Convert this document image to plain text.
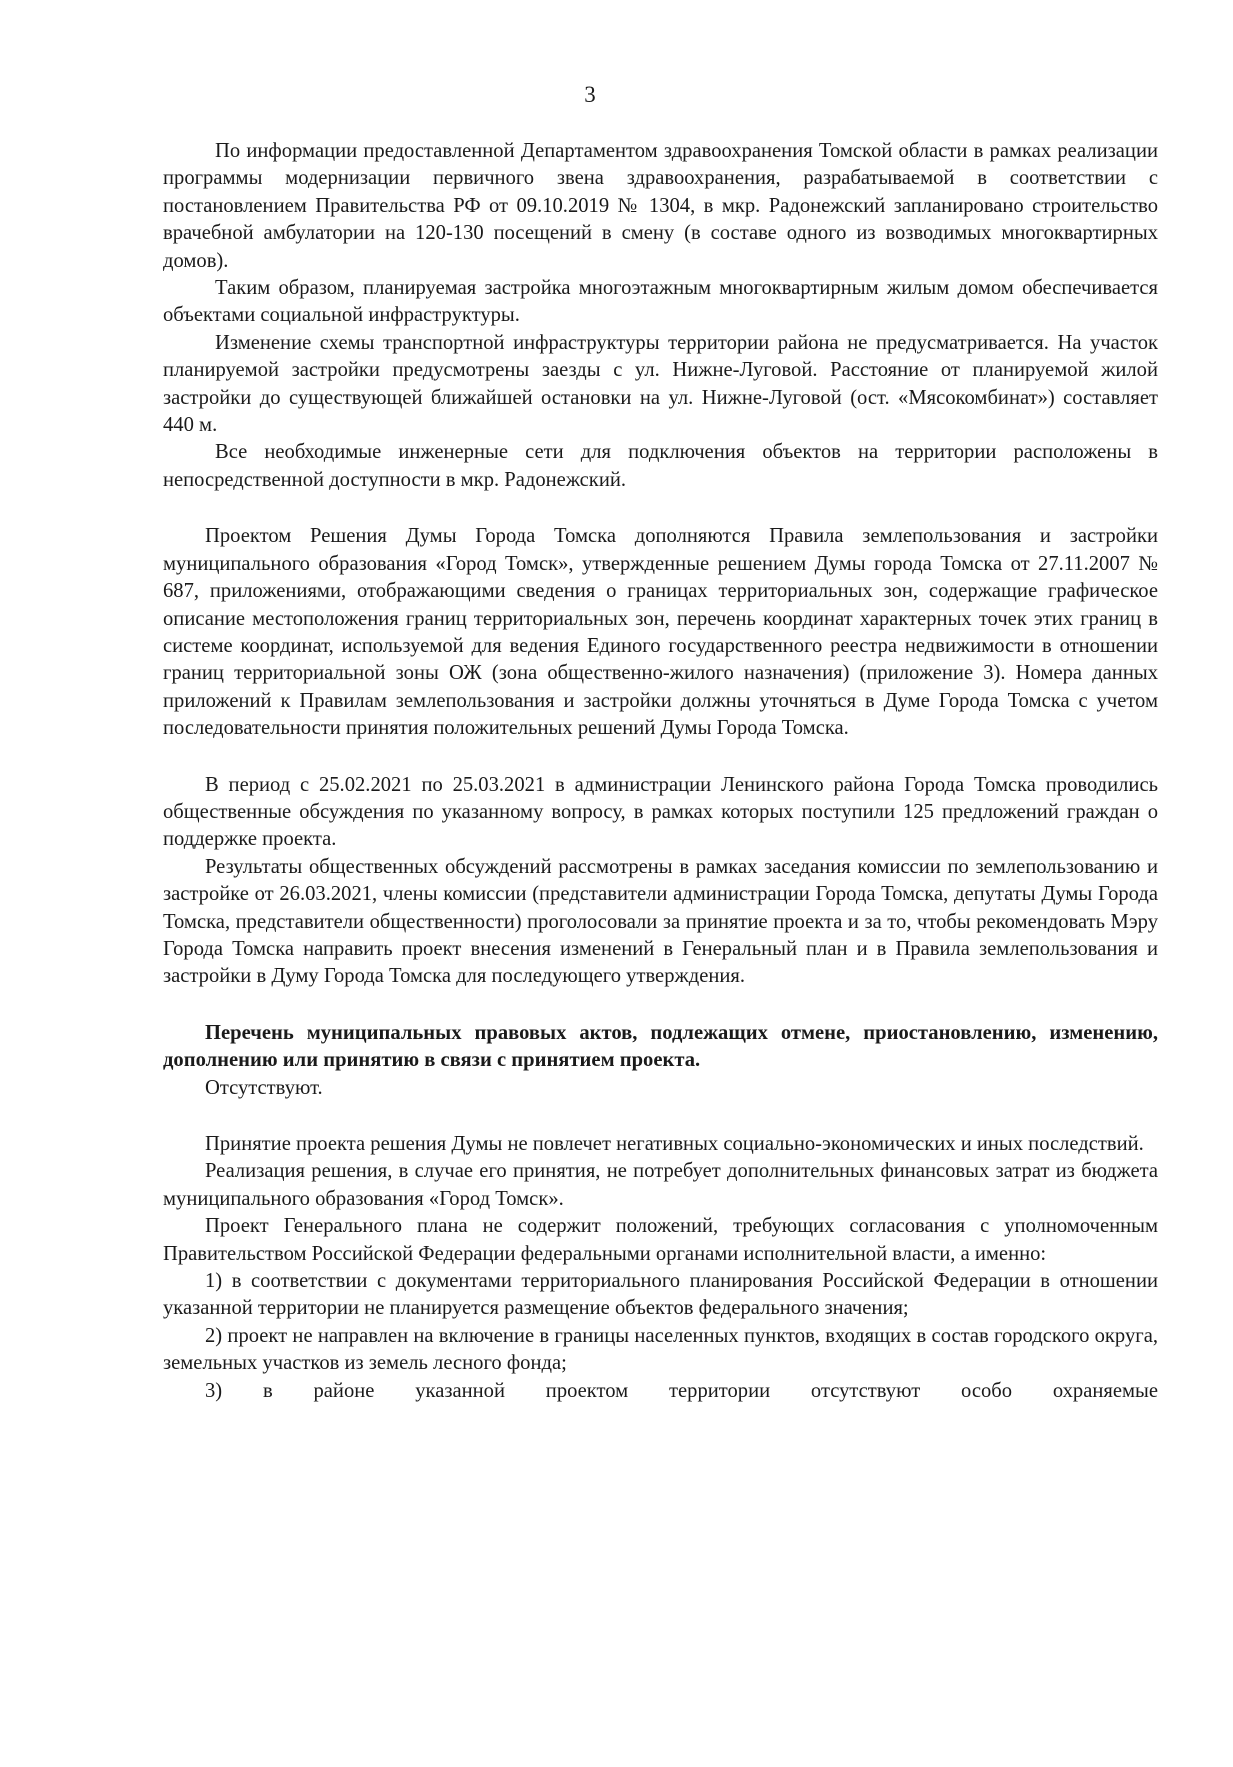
3

По информации предоставленной Департаментом здравоохранения Томской области в рамках реализации программы модернизации первичного звена здравоохранения, разрабатываемой в соответствии с постановлением Правительства РФ от 09.10.2019 № 1304, в мкр. Радонежский запланировано строительство врачебной амбулатории на 120-130 посещений в смену (в составе одного из возводимых многоквартирных домов).

Таким образом, планируемая застройка многоэтажным многоквартирным жилым домом обеспечивается объектами социальной инфраструктуры.

Изменение схемы транспортной инфраструктуры территории района не предусматривается. На участок планируемой застройки предусмотрены заезды с ул. Нижне-Луговой. Расстояние от планируемой жилой застройки до существующей ближайшей остановки на ул. Нижне-Луговой (ост. «Мясокомбинат») составляет 440 м.

Все необходимые инженерные сети для подключения объектов на территории расположены в непосредственной доступности в мкр. Радонежский.

Проектом Решения Думы Города Томска дополняются Правила землепользования и застройки муниципального образования «Город Томск», утвержденные решением Думы города Томска от 27.11.2007 № 687, приложениями, отображающими сведения о границах территориальных зон, содержащие графическое описание местоположения границ территориальных зон, перечень координат характерных точек этих границ в системе координат, используемой для ведения Единого государственного реестра недвижимости в отношении границ территориальной зоны ОЖ (зона общественно-жилого назначения) (приложение 3). Номера данных приложений к Правилам землепользования и застройки должны уточняться в Думе Города Томска с учетом последовательности принятия положительных решений Думы Города Томска.

В период с 25.02.2021 по 25.03.2021 в администрации Ленинского района Города Томска проводились общественные обсуждения по указанному вопросу, в рамках которых поступили 125 предложений граждан о поддержке проекта.

Результаты общественных обсуждений рассмотрены в рамках заседания комиссии по землепользованию и застройке от 26.03.2021, члены комиссии (представители администрации Города Томска, депутаты Думы Города Томска, представители общественности) проголосовали за принятие проекта и за то, чтобы рекомендовать Мэру Города Томска направить проект внесения изменений в Генеральный план и в Правила землепользования и застройки в Думу Города Томска для последующего утверждения.

Перечень муниципальных правовых актов, подлежащих отмене, приостановлению, изменению, дополнению или принятию в связи с принятием проекта.

Отсутствуют.

Принятие проекта решения Думы не повлечет негативных социально-экономических и иных последствий.

Реализация решения, в случае его принятия, не потребует дополнительных финансовых затрат из бюджета муниципального образования «Город Томск».

Проект Генерального плана не содержит положений, требующих согласования с уполномоченным Правительством Российской Федерации федеральными органами исполнительной власти, а именно:

1) в соответствии с документами территориального планирования Российской Федерации в отношении указанной территории не планируется размещение объектов федерального значения;

2) проект не направлен на включение в границы населенных пунктов, входящих в состав городского округа, земельных участков из земель лесного фонда;

3) в районе указанной проектом территории отсутствуют особо охраняемые
